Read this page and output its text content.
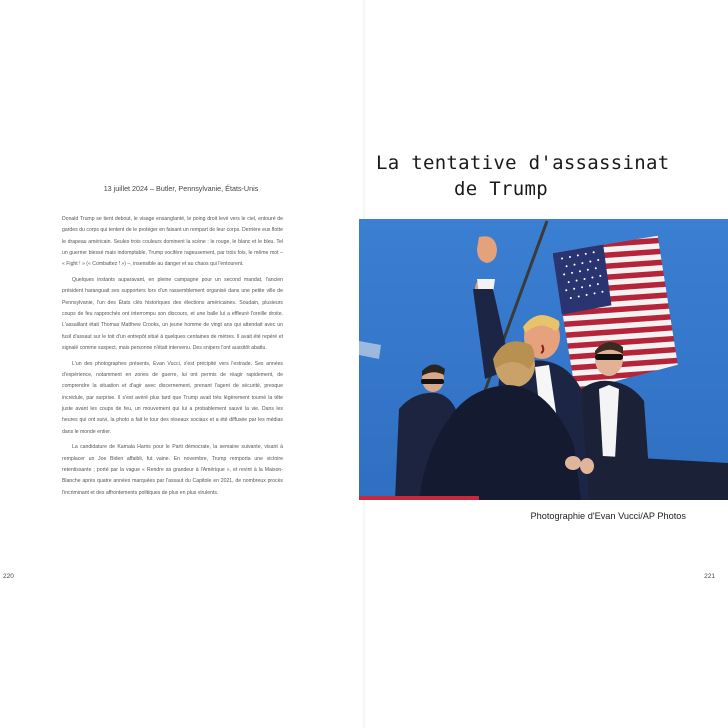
13 juillet 2024 – Butler, Pennsylvanie, États-Unis

Donald Trump se tient debout, le visage ensanglanté, le poing droit levé vers le ciel, entouré de gardes du corps qui tentent de le protéger en faisant un rempart de leur corps. Derrière eux flotte le drapeau américain. Seules trois couleurs dominent la scène : le rouge, le blanc et le bleu. Tel un guerrier blessé mais indomptable, Trump vocifère rageusement, par trois fois, le même mot – « Fight ! » (« Combattez ! ») –, insensible au danger et au chaos qui l'entourent.

Quelques instants auparavant, en pleine campagne pour un second mandat, l'ancien président haranguait ses supporters lors d'un rassemblement organisé dans une petite ville de Pennsylvanie, l'un des États clés historiques des élections américaines. Soudain, plusieurs coups de feu rapprochés ont interrompu son discours, et une balle lui a effleuré l'oreille droite. L'assaillant était Thomas Matthew Crooks, un jeune homme de vingt ans qui attendait avec un fusil d'assaut sur le toit d'un entrepôt situé à quelques centaines de mètres. Il avait été repéré et signalé comme suspect, mais personne n'était intervenu. Des snipers l'ont aussitôt abattu.

L'un des photographes présents, Evan Vucci, s'est précipité vers l'estrade. Ses années d'expérience, notamment en zones de guerre, lui ont permis de réagir rapidement, de comprendre la situation et d'agir avec discernement, prenant l'agent de sécurité, presque incrédule, par surprise. Il s'est avéré plus tard que Trump avait très légèrement tourné la tête juste avant les coups de feu, un mouvement qui lui a probablement sauvé la vie. Dans les heures qui ont suivi, la photo a fait le tour des réseaux sociaux et a été diffusée par les médias dans le monde entier.

La candidature de Kamala Harris pour le Parti démocrate, la semaine suivante, visant à remplacer un Joe Biden affaibli, fut vaine. En novembre, Trump remporta une victoire retentissante ; porté par la vague « Rendre sa grandeur à l'Amérique », et revint à la Maison-Blanche après quatre années marquées par l'assaut du Capitole en 2021, de nombreux procès l'incriminant et des affrontements politiques de plus en plus virulents.

220
La tentative d'assassinat
de Trump
Photographie d'Evan Vucci/AP Photos
221
